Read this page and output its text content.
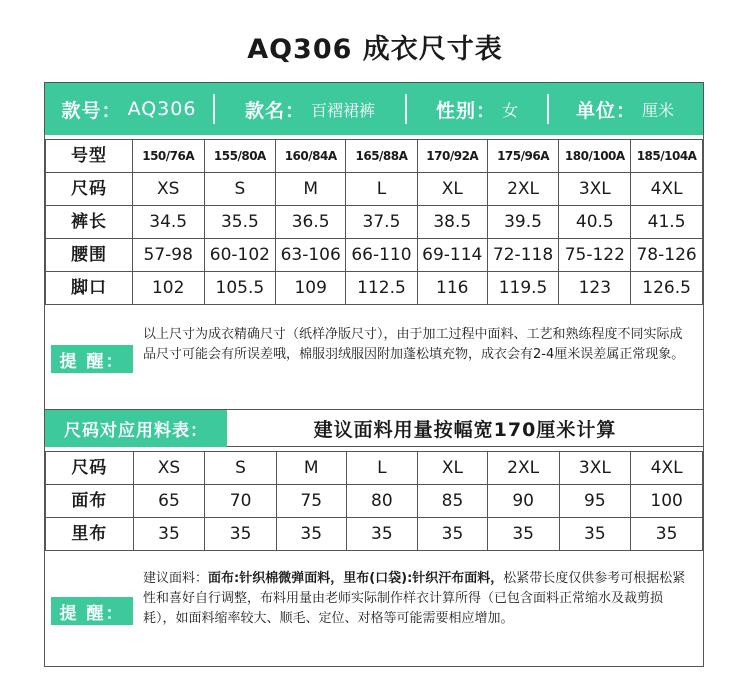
AQ306 成衣尺寸表
款号： AQ306	款名： 百褶裙裤	性别： 女	单位： 厘米
号型	150/76A	155/80A	160/84A	165/88A	170/92A	175/96A	180/100A	185/104A
尺码	XS	S	M	L	XL	2XL	3XL	4XL
裤长	34.5	35.5	36.5	37.5	38.5	39.5	40.5	41.5
腰围	57-98	60-102	63-106	66-110	69-114	72-118	75-122	78-126
脚口	102	105.5	109	112.5	116	119.5	123	126.5
提 醒：
以上尺寸为成衣精确尺寸（纸样净版尺寸），由于加工过程中面料、工艺和熟练程度不同实际成品尺寸可能会有所误差哦，棉服羽绒服因附加蓬松填充物，成衣会有2-4厘米误差属正常现象。
尺码对应用料表：	建议面料用量按幅宽170厘米计算
尺码	XS	S	M	L	XL	2XL	3XL	4XL
面布	65	70	75	80	85	90	95	100
里布	35	35	35	35	35	35	35	35
提 醒：
建议面料：面布:针织棉微弹面料，里布(口袋):针织汗布面料，松紧带长度仅供参考可根据松紧性和喜好自行调整，布料用量由老师实际制作样衣计算所得（已包含面料正常缩水及裁剪损耗），如面料缩率较大、顺毛、定位、对格等可能需要相应增加。
